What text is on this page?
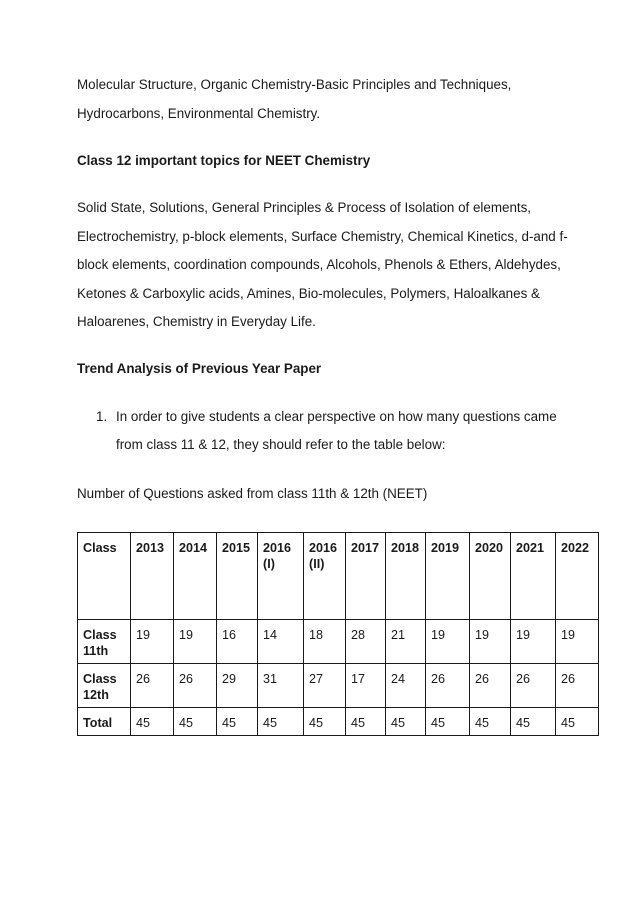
Molecular Structure, Organic Chemistry-Basic Principles and Techniques,
Hydrocarbons, Environmental Chemistry.
Class 12 important topics for NEET Chemistry
Solid State, Solutions, General Principles & Process of Isolation of elements,
Electrochemistry, p-block elements, Surface Chemistry, Chemical Kinetics, d-and f-
block elements, coordination compounds, Alcohols, Phenols & Ethers, Aldehydes,
Ketones & Carboxylic acids, Amines, Bio-molecules, Polymers, Haloalkanes &
Haloarenes, Chemistry in Everyday Life.
Trend Analysis of Previous Year Paper
1. In order to give students a clear perspective on how many questions came
from class 11 & 12, they should refer to the table below:
Number of Questions asked from class 11th & 12th (NEET)
Class	2013	2014	2015	2016 (I)	2016 (II)	2017	2018	2019	2020	2021	2022
Class 11th	19	19	16	14	18	28	21	19	19	19	19
Class 12th	26	26	29	31	27	17	24	26	26	26	26
Total	45	45	45	45	45	45	45	45	45	45	45
